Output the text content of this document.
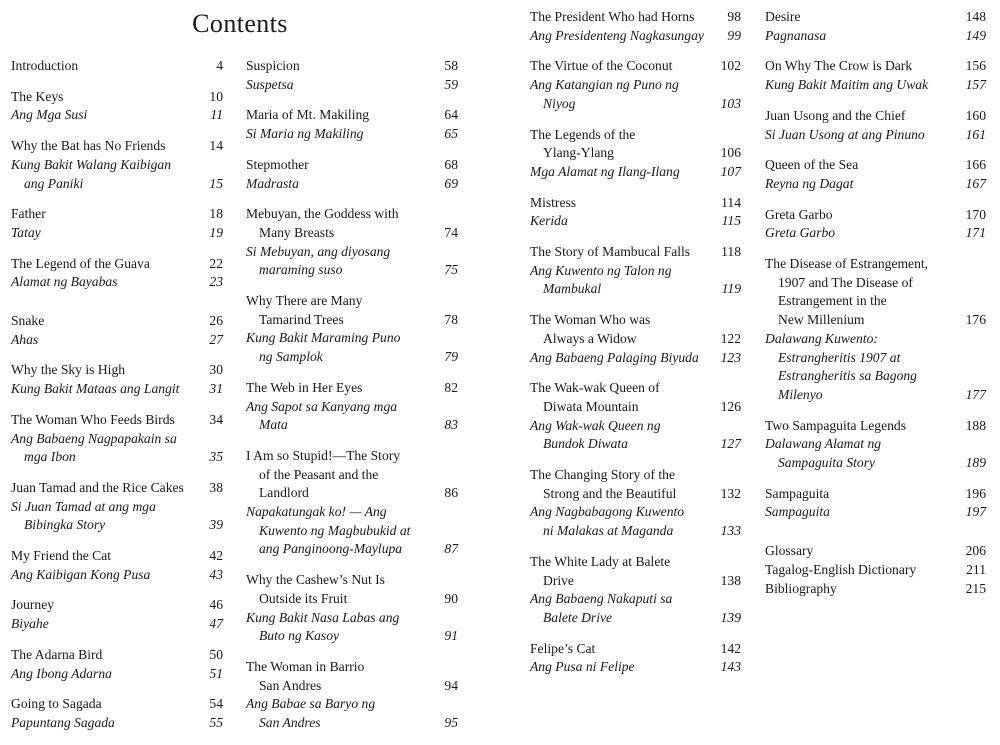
Contents
Introduction	4
The Keys	10
Ang Mga Susi	11
Why the Bat has No Friends	14
Kung Bakit Walang Kaibigan
ang Paniki	15
Father	18
Tatay	19
The Legend of the Guava	22
Alamat ng Bayabas	23
Snake	26
Ahas	27
Why the Sky is High	30
Kung Bakit Mataas ang Langit	31
The Woman Who Feeds Birds	34
Ang Babaeng Nagpapakain sa
mga Ibon	35
Juan Tamad and the Rice Cakes	38
Si Juan Tamad at ang mga
Bibingka Story	39
My Friend the Cat	42
Ang Kaibigan Kong Pusa	43
Journey	46
Biyahe	47
The Adarna Bird	50
Ang Ibong Adarna	51
Going to Sagada	54
Papuntang Sagada	55
Suspicion	58
Suspetsa	59
Maria of Mt. Makiling	64
Si Maria ng Makiling	65
Stepmother	68
Madrasta	69
Mebuyan, the Goddess with
Many Breasts	74
Si Mebuyan, ang diyosang
maraming suso	75
Why There are Many
Tamarind Trees	78
Kung Bakit Maraming Puno
ng Samplok	79
The Web in Her Eyes	82
Ang Sapot sa Kanyang mga
Mata	83
I Am so Stupid!—The Story
of the Peasant and the
Landlord	86
Napakatungak ko! — Ang
Kuwento ng Magbubukid at
ang Panginoong-Maylupa	87
Why the Cashew’s Nut Is
Outside its Fruit	90
Kung Bakit Nasa Labas ang
Buto ng Kasoy	91
The Woman in Barrio
San Andres	94
Ang Babae sa Baryo ng
San Andres	95
The President Who had Horns	98
Ang Presidenteng Nagkasungay	99
The Virtue of the Coconut	102
Ang Katangian ng Puno ng
Niyog	103
The Legends of the
Ylang-Ylang	106
Mga Alamat ng Ilang-Ilang	107
Mistress	114
Kerida	115
The Story of Mambucal Falls	118
Ang Kuwento ng Talon ng
Mambukal	119
The Woman Who was
Always a Widow	122
Ang Babaeng Palaging Biyuda	123
The Wak-wak Queen of
Diwata Mountain	126
Ang Wak-wak Queen ng
Bundok Diwata	127
The Changing Story of the
Strong and the Beautiful	132
Ang Nagbabagong Kuwento
ni Malakas at Maganda	133
The White Lady at Balete
Drive	138
Ang Babaeng Nakaputi sa
Balete Drive	139
Felipe’s Cat	142
Ang Pusa ni Felipe	143
Desire	148
Pagnanasa	149
On Why The Crow is Dark	156
Kung Bakit Maitim ang Uwak	157
Juan Usong and the Chief	160
Si Juan Usong at ang Pinuno	161
Queen of the Sea	166
Reyna ng Dagat	167
Greta Garbo	170
Greta Garbo	171
The Disease of Estrangement,
1907 and The Disease of
Estrangement in the
New Millenium	176
Dalawang Kuwento:
Estrangheritis 1907 at
Estrangheritis sa Bagong
Milenyo	177
Two Sampaguita Legends	188
Dalawang Alamat ng
Sampaguita Story	189
Sampaguita	196
Sampaguita	197
Glossary	206
Tagalog-English Dictionary	211
Bibliography	215
